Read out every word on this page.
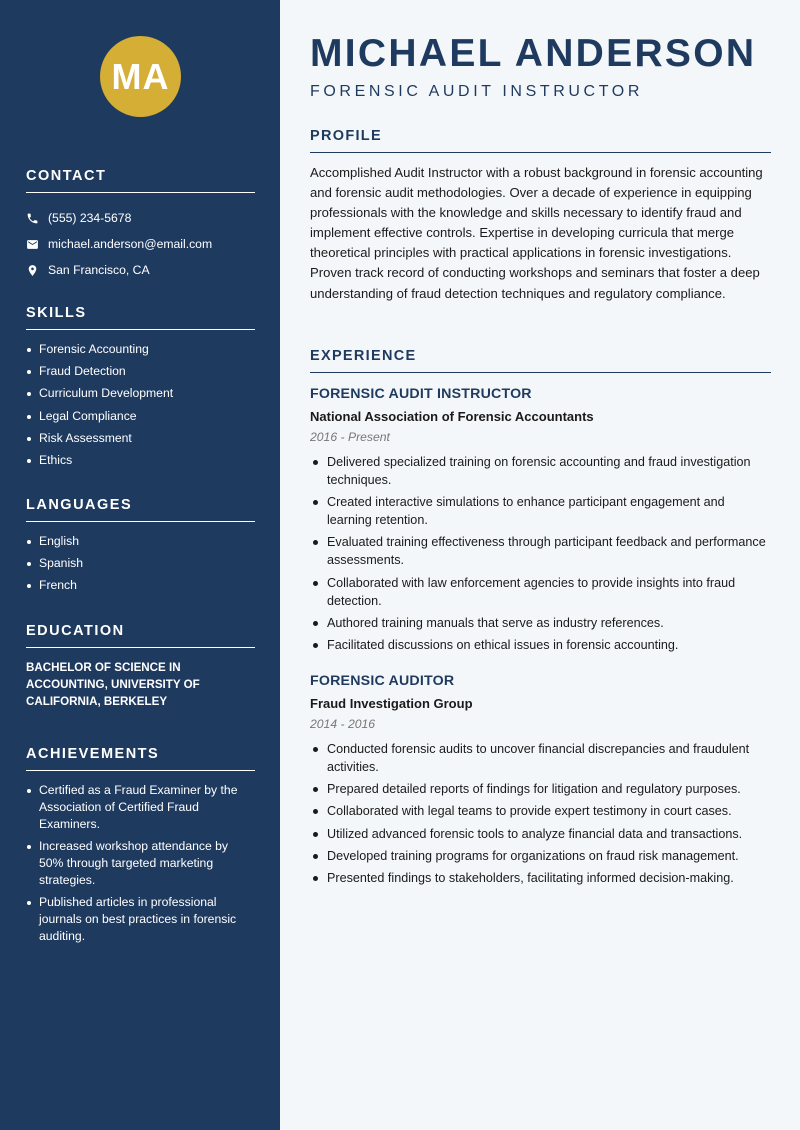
MA
CONTACT
(555) 234-5678
michael.anderson@email.com
San Francisco, CA
SKILLS
Forensic Accounting
Fraud Detection
Curriculum Development
Legal Compliance
Risk Assessment
Ethics
LANGUAGES
English
Spanish
French
EDUCATION
BACHELOR OF SCIENCE IN ACCOUNTING, UNIVERSITY OF CALIFORNIA, BERKELEY
ACHIEVEMENTS
Certified as a Fraud Examiner by the Association of Certified Fraud Examiners.
Increased workshop attendance by 50% through targeted marketing strategies.
Published articles in professional journals on best practices in forensic auditing.
MICHAEL ANDERSON
FORENSIC AUDIT INSTRUCTOR
PROFILE
Accomplished Audit Instructor with a robust background in forensic accounting and forensic audit methodologies. Over a decade of experience in equipping professionals with the knowledge and skills necessary to identify fraud and implement effective controls. Expertise in developing curricula that merge theoretical principles with practical applications in forensic investigations. Proven track record of conducting workshops and seminars that foster a deep understanding of fraud detection techniques and regulatory compliance.
EXPERIENCE
FORENSIC AUDIT INSTRUCTOR
National Association of Forensic Accountants
2016 - Present
Delivered specialized training on forensic accounting and fraud investigation techniques.
Created interactive simulations to enhance participant engagement and learning retention.
Evaluated training effectiveness through participant feedback and performance assessments.
Collaborated with law enforcement agencies to provide insights into fraud detection.
Authored training manuals that serve as industry references.
Facilitated discussions on ethical issues in forensic accounting.
FORENSIC AUDITOR
Fraud Investigation Group
2014 - 2016
Conducted forensic audits to uncover financial discrepancies and fraudulent activities.
Prepared detailed reports of findings for litigation and regulatory purposes.
Collaborated with legal teams to provide expert testimony in court cases.
Utilized advanced forensic tools to analyze financial data and transactions.
Developed training programs for organizations on fraud risk management.
Presented findings to stakeholders, facilitating informed decision-making.
